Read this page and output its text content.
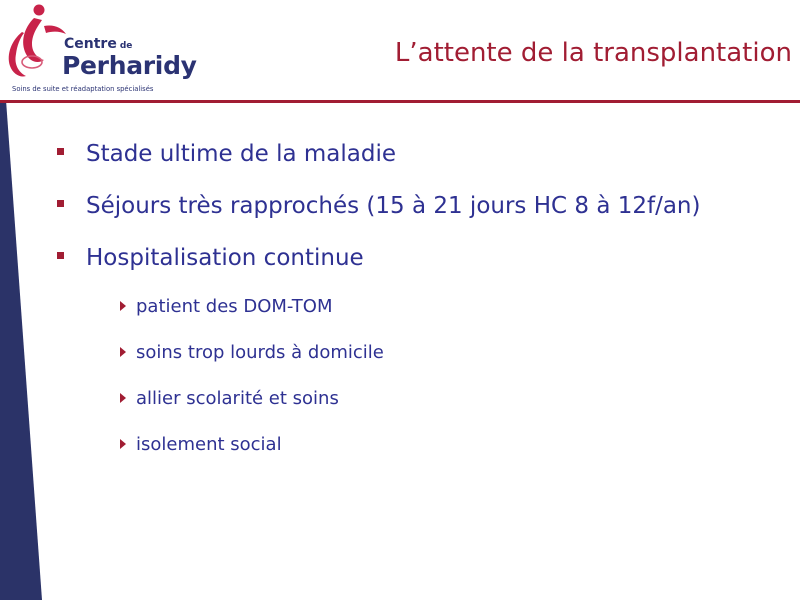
Centre de
Perharidy
Soins de suite et réadaptation spécialisés
L’attente de la transplantation
Stade ultime de la maladie
Séjours très rapprochés (15 à 21 jours HC 8 à 12f/an)
Hospitalisation continue
patient des DOM-TOM
soins trop lourds à domicile
allier scolarité et soins
isolement social
